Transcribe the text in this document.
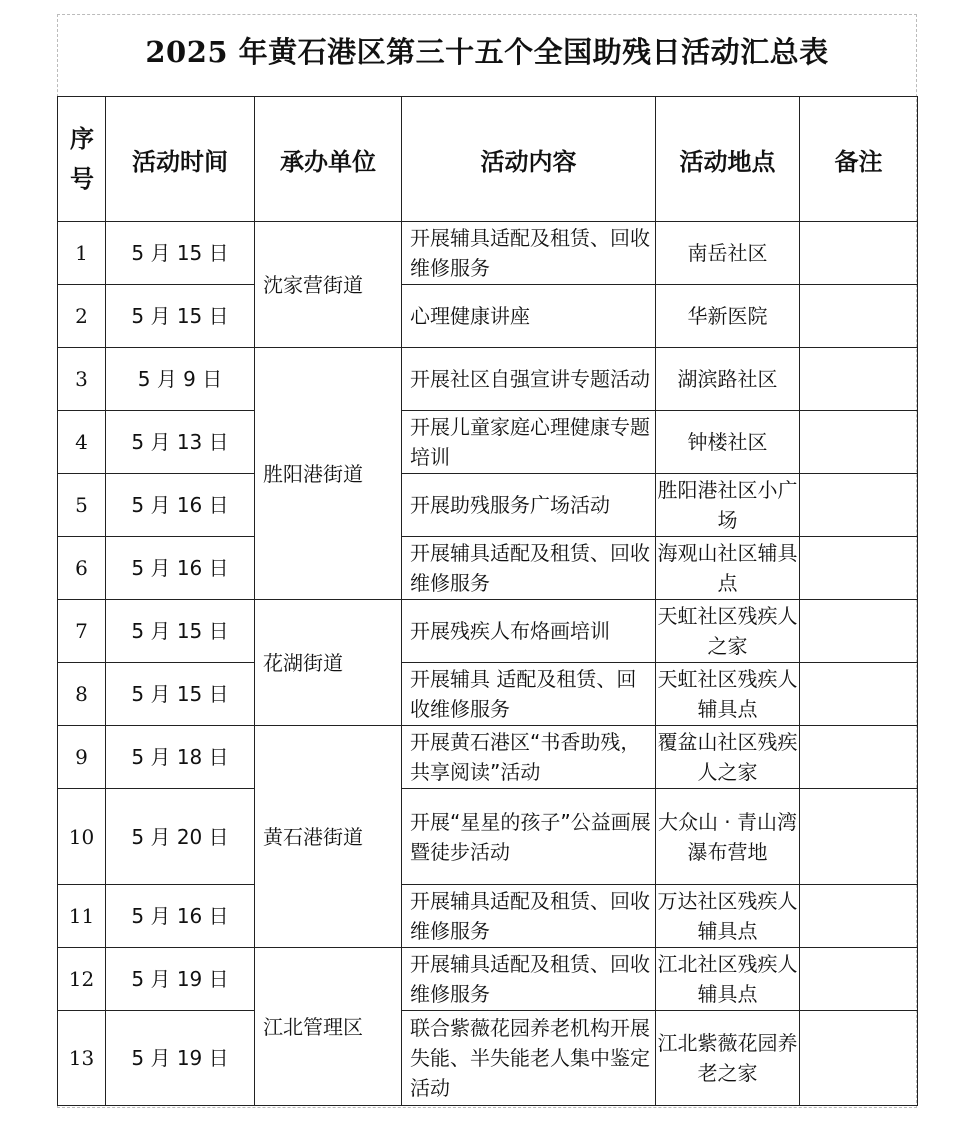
2025 年黄石港区第三十五个全国助残日活动汇总表
序号	活动时间	承办单位	活动内容	活动地点	备注
1	5 月 15 日	沈家营街道	开展辅具适配及租赁、回收维修服务	南岳社区	
2	5 月 15 日		心理健康讲座	华新医院	
3	5 月 9 日	胜阳港街道	开展社区自强宣讲专题活动	湖滨路社区	
4	5 月 13 日		开展儿童家庭心理健康专题培训	钟楼社区	
5	5 月 16 日		开展助残服务广场活动	胜阳港社区小广场	
6	5 月 16 日		开展辅具适配及租赁、回收维修服务	海观山社区辅具点	
7	5 月 15 日	花湖街道	开展残疾人布烙画培训	天虹社区残疾人之家	
8	5 月 15 日		开展辅具 适配及租赁、回收维修服务	天虹社区残疾人辅具点	
9	5 月 18 日	黄石港街道	开展黄石港区“书香助残，共享阅读”活动	覆盆山社区残疾人之家	
10	5 月 20 日		开展“星星的孩子”公益画展暨徒步活动	大众山 · 青山湾瀑布营地	
11	5 月 16 日		开展辅具适配及租赁、回收维修服务	万达社区残疾人辅具点	
12	5 月 19 日	江北管理区	开展辅具适配及租赁、回收维修服务	江北社区残疾人辅具点	
13	5 月 19 日		联合紫薇花园养老机构开展失能、半失能老人集中鉴定活动	江北紫薇花园养老之家	
